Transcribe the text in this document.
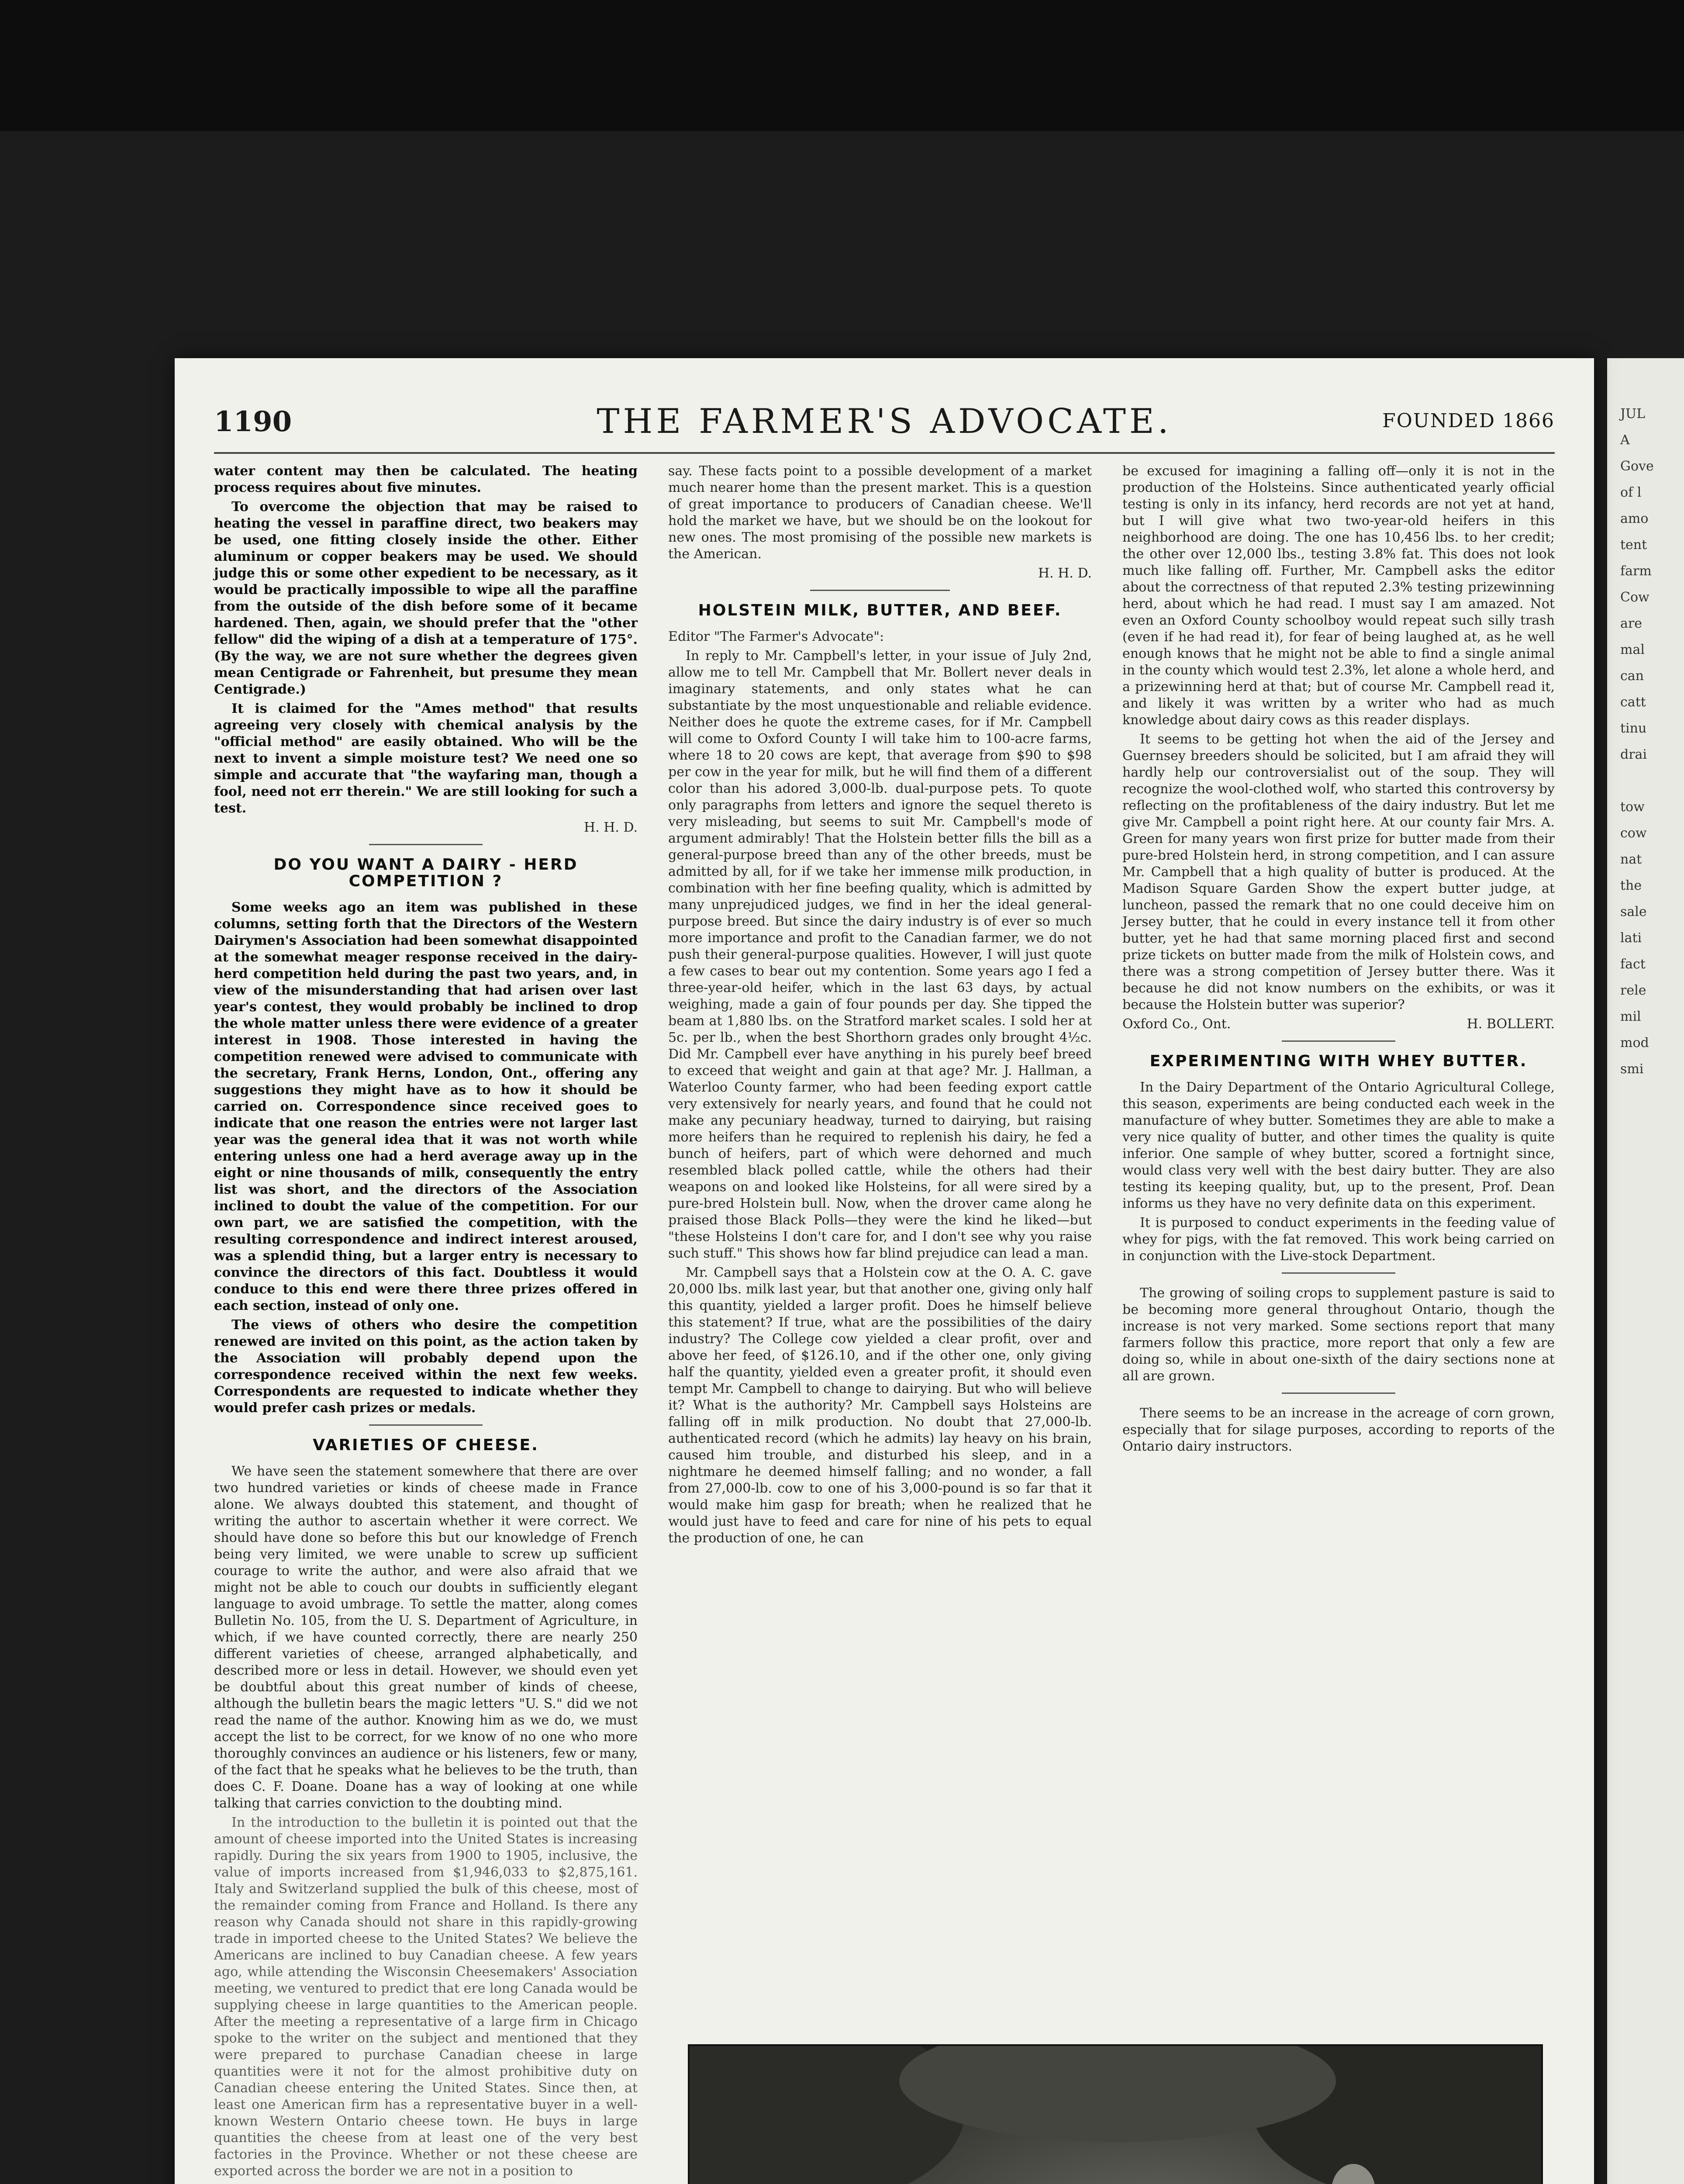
JUL
A
Gove
of l
amo
tent
farm
Cow
are
mal
can
catt
tinu
drai
tow
cow
nat
the
sale
lati
fact
rele
mil
mod
smi
1190	THE FARMER'S ADVOCATE.	FOUNDED 1866

water content may then be calculated. The heating process requires about five minutes.

To overcome the objection that may be raised to heating the vessel in paraffine direct, two beakers may be used, one fitting closely inside the other. Either aluminum or copper beakers may be used. We should judge this or some other expedient to be necessary, as it would be practically impossible to wipe all the paraffine from the outside of the dish before some of it became hardened. Then, again, we should prefer that the "other fellow" did the wiping of a dish at a temperature of 175°. (By the way, we are not sure whether the degrees given mean Centigrade or Fahrenheit, but presume they mean Centigrade.)

It is claimed for the "Ames method" that results agreeing very closely with chemical analysis by the "official method" are easily obtained. Who will be the next to invent a simple moisture test? We need one so simple and accurate that "the wayfaring man, though a fool, need not err therein." We are still looking for such a test.

H. H. D.

DO YOU WANT A DAIRY - HERD COMPETITION ?

Some weeks ago an item was published in these columns, setting forth that the Directors of the Western Dairymen's Association had been somewhat disappointed at the somewhat meager response received in the dairy-herd competition held during the past two years, and, in view of the misunderstanding that had arisen over last year's contest, they would probably be inclined to drop the whole matter unless there were evidence of a greater interest in 1908. Those interested in having the competition renewed were advised to communicate with the secretary, Frank Herns, London, Ont., offering any suggestions they might have as to how it should be carried on. Correspondence since received goes to indicate that one reason the entries were not larger last year was the general idea that it was not worth while entering unless one had a herd average away up in the eight or nine thousands of milk, consequently the entry list was short, and the directors of the Association inclined to doubt the value of the competition. For our own part, we are satisfied the competition, with the resulting correspondence and indirect interest aroused, was a splendid thing, but a larger entry is necessary to convince the directors of this fact. Doubtless it would conduce to this end were there three prizes offered in each section, instead of only one.

The views of others who desire the competition renewed are invited on this point, as the action taken by the Association will probably depend upon the correspondence received within the next few weeks. Correspondents are requested to indicate whether they would prefer cash prizes or medals.

VARIETIES OF CHEESE.

We have seen the statement somewhere that there are over two hundred varieties or kinds of cheese made in France alone. We always doubted this statement, and thought of writing the author to ascertain whether it were correct. We should have done so before this but our knowledge of French being very limited, we were unable to screw up sufficient courage to write the author, and were also afraid that we might not be able to couch our doubts in sufficiently elegant language to avoid umbrage. To settle the matter, along comes Bulletin No. 105, from the U. S. Department of Agriculture, in which, if we have counted correctly, there are nearly 250 different varieties of cheese, arranged alphabetically, and described more or less in detail. However, we should even yet be doubtful about this great number of kinds of cheese, although the bulletin bears the magic letters "U. S." did we not read the name of the author. Knowing him as we do, we must accept the list to be correct, for we know of no one who more thoroughly convinces an audience or his listeners, few or many, of the fact that he speaks what he believes to be the truth, than does C. F. Doane. Doane has a way of looking at one while talking that carries conviction to the doubting mind.

In the introduction to the bulletin it is pointed out that the amount of cheese imported into the United States is increasing rapidly. During the six years from 1900 to 1905, inclusive, the value of imports increased from $1,946,033 to $2,875,161. Italy and Switzerland supplied the bulk of this cheese, most of the remainder coming from France and Holland. Is there any reason why Canada should not share in this rapidly-growing trade in imported cheese to the United States? We believe the Americans are inclined to buy Canadian cheese. A few years ago, while attending the Wisconsin Cheesemakers' Association meeting, we ventured to predict that ere long Canada would be supplying cheese in large quantities to the American people. After the meeting a representative of a large firm in Chicago spoke to the writer on the subject and mentioned that they were prepared to purchase Canadian cheese in large quantities were it not for the almost prohibitive duty on Canadian cheese entering the United States. Since then, at least one American firm has a representative buyer in a well-known Western Ontario cheese town. He buys in large quantities the cheese from at least one of the very best factories in the Province. Whether or not these cheese are exported across the border we are not in a position to

say. These facts point to a possible development of a market much nearer home than the present market. This is a question of great importance to producers of Canadian cheese. We'll hold the market we have, but we should be on the lookout for new ones. The most promising of the possible new markets is the American.

H. H. D.

HOLSTEIN MILK, BUTTER, AND BEEF.

Editor "The Farmer's Advocate":

In reply to Mr. Campbell's letter, in your issue of July 2nd, allow me to tell Mr. Campbell that Mr. Bollert never deals in imaginary statements, and only states what he can substantiate by the most unquestionable and reliable evidence. Neither does he quote the extreme cases, for if Mr. Campbell will come to Oxford County I will take him to 100-acre farms, where 18 to 20 cows are kept, that average from $90 to $98 per cow in the year for milk, but he will find them of a different color than his adored 3,000-lb. dual-purpose pets. To quote only paragraphs from letters and ignore the sequel thereto is very misleading, but seems to suit Mr. Campbell's mode of argument admirably! That the Holstein better fills the bill as a general-purpose breed than any of the other breeds, must be admitted by all, for if we take her immense milk production, in combination with her fine beefing quality, which is admitted by many unprejudiced judges, we find in her the ideal general-purpose breed. But since the dairy industry is of ever so much more importance and profit to the Canadian farmer, we do not push their general-purpose qualities. However, I will just quote a few cases to bear out my contention. Some years ago I fed a three-year-old heifer, which in the last 63 days, by actual weighing, made a gain of four pounds per day. She tipped the beam at 1,880 lbs. on the Stratford market scales. I sold her at 5c. per lb., when the best Shorthorn grades only brought 4½c. Did Mr. Campbell ever have anything in his purely beef breed to exceed that weight and gain at that age? Mr. J. Hallman, a Waterloo County farmer, who had been feeding export cattle very extensively for nearly years, and found that he could not make any pecuniary headway, turned to dairying, but raising more heifers than he required to replenish his dairy, he fed a bunch of heifers, part of which were dehorned and much resembled black polled cattle, while the others had their weapons on and looked like Holsteins, for all were sired by a pure-bred Holstein bull. Now, when the drover came along he praised those Black Polls—they were the kind he liked—but "these Holsteins I don't care for, and I don't see why you raise such stuff." This shows how far blind prejudice can lead a man.

Mr. Campbell says that a Holstein cow at the O. A. C. gave 20,000 lbs. milk last year, but that another one, giving only half this quantity, yielded a larger profit. Does he himself believe this statement? If true, what are the possibilities of the dairy industry? The College cow yielded a clear profit, over and above her feed, of $126.10, and if the other one, only giving half the quantity, yielded even a greater profit, it should even tempt Mr. Campbell to change to dairying. But who will believe it? What is the authority? Mr. Campbell says Holsteins are falling off in milk production. No doubt that 27,000-lb. authenticated record (which he admits) lay heavy on his brain, caused him trouble, and disturbed his sleep, and in a nightmare he deemed himself falling; and no wonder, a fall from 27,000-lb. cow to one of his 3,000-pound is so far that it would make him gasp for breath; when he realized that he would just have to feed and care for nine of his pets to equal the production of one, he can

be excused for imagining a falling off—only it is not in the production of the Holsteins. Since authenticated yearly official testing is only in its infancy, herd records are not yet at hand, but I will give what two two-year-old heifers in this neighborhood are doing. The one has 10,456 lbs. to her credit; the other over 12,000 lbs., testing 3.8% fat. This does not look much like falling off. Further, Mr. Campbell asks the editor about the correctness of that reputed 2.3% testing prizewinning herd, about which he had read. I must say I am amazed. Not even an Oxford County schoolboy would repeat such silly trash (even if he had read it), for fear of being laughed at, as he well enough knows that he might not be able to find a single animal in the county which would test 2.3%, let alone a whole herd, and a prizewinning herd at that; but of course Mr. Campbell read it, and likely it was written by a writer who had as much knowledge about dairy cows as this reader displays.

It seems to be getting hot when the aid of the Jersey and Guernsey breeders should be solicited, but I am afraid they will hardly help our controversialist out of the soup. They will recognize the wool-clothed wolf, who started this controversy by reflecting on the profitableness of the dairy industry. But let me give Mr. Campbell a point right here. At our county fair Mrs. A. Green for many years won first prize for butter made from their pure-bred Holstein herd, in strong competition, and I can assure Mr. Campbell that a high quality of butter is produced. At the Madison Square Garden Show the expert butter judge, at luncheon, passed the remark that no one could deceive him on Jersey butter, that he could in every instance tell it from other butter, yet he had that same morning placed first and second prize tickets on butter made from the milk of Holstein cows, and there was a strong competition of Jersey butter there. Was it because he did not know numbers on the exhibits, or was it because the Holstein butter was superior?

Oxford Co., Ont.	H. BOLLERT.
EXPERIMENTING WITH WHEY BUTTER.

In the Dairy Department of the Ontario Agricultural College, this season, experiments are being conducted each week in the manufacture of whey butter. Sometimes they are able to make a very nice quality of butter, and other times the quality is quite inferior. One sample of whey butter, scored a fortnight since, would class very well with the best dairy butter. They are also testing its keeping quality, but, up to the present, Prof. Dean informs us they have no very definite data on this experiment.

It is purposed to conduct experiments in the feeding value of whey for pigs, with the fat removed. This work being carried on in conjunction with the Live-stock Department.

The growing of soiling crops to supplement pasture is said to be becoming more general throughout Ontario, though the increase is not very marked. Some sections report that many farmers follow this practice, more report that only a few are doing so, while in about one-sixth of the dairy sections none at all are grown.

There seems to be an increase in the acreage of corn grown, especially that for silage purposes, according to reports of the Ontario dairy instructors.
